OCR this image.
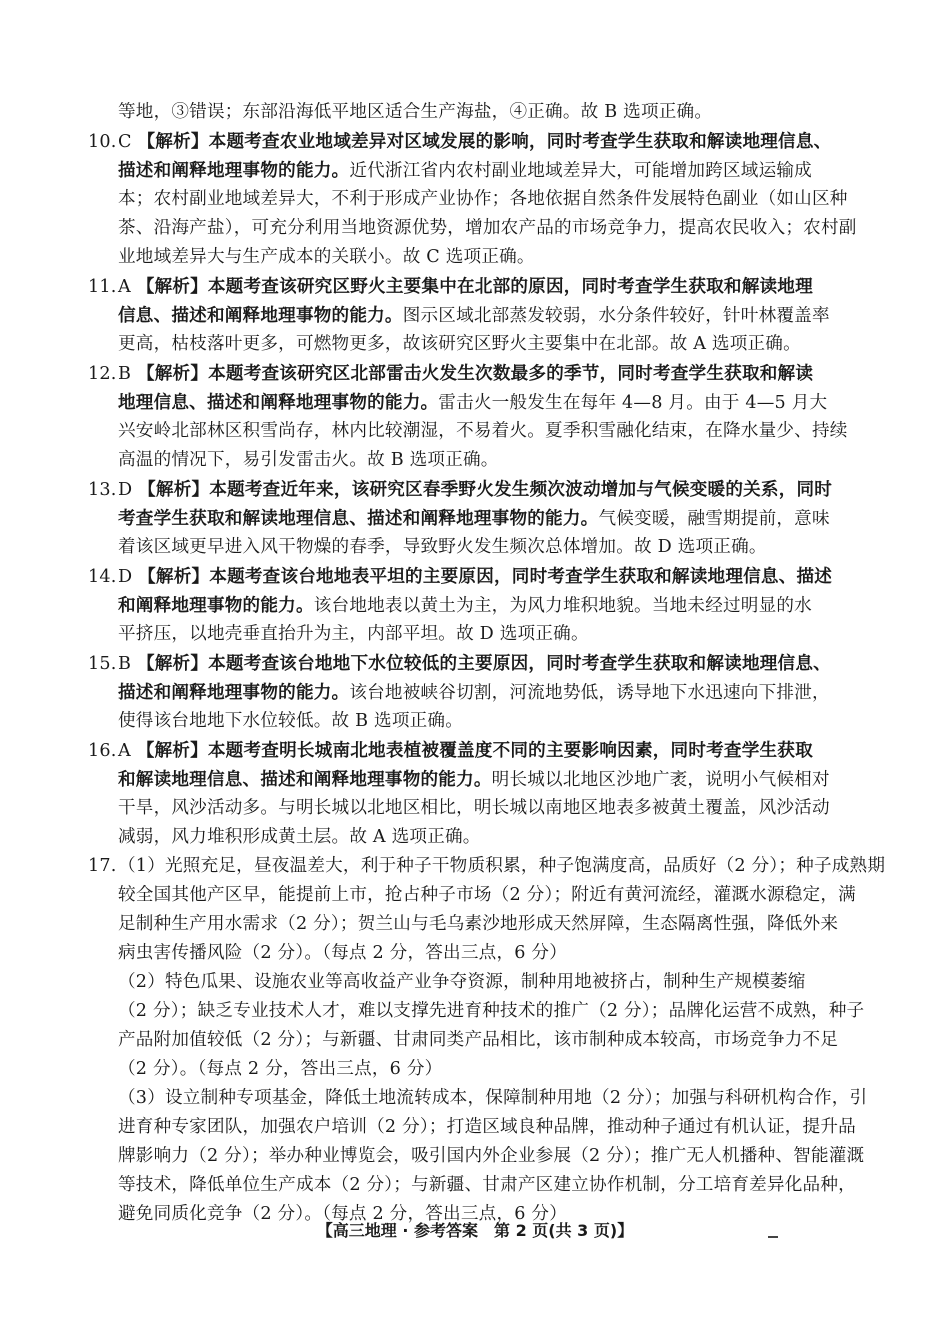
等地，③错误；东部沿海低平地区适合生产海盐，④正确。故 B 选项正确。
10.C 【解析】本题考查农业地域差异对区域发展的影响，同时考查学生获取和解读地理信息、
描述和阐释地理事物的能力。近代浙江省内农村副业地域差异大，可能增加跨区域运输成
本；农村副业地域差异大，不利于形成产业协作；各地依据自然条件发展特色副业（如山区种
茶、沿海产盐），可充分利用当地资源优势，增加农产品的市场竞争力，提高农民收入；农村副
业地域差异大与生产成本的关联小。故 C 选项正确。
11.A 【解析】本题考查该研究区野火主要集中在北部的原因，同时考查学生获取和解读地理
信息、描述和阐释地理事物的能力。图示区域北部蒸发较弱，水分条件较好，针叶林覆盖率
更高，枯枝落叶更多，可燃物更多，故该研究区野火主要集中在北部。故 A 选项正确。
12.B 【解析】本题考查该研究区北部雷击火发生次数最多的季节，同时考查学生获取和解读
地理信息、描述和阐释地理事物的能力。雷击火一般发生在每年 4—8 月。由于 4—5 月大
兴安岭北部林区积雪尚存，林内比较潮湿，不易着火。夏季积雪融化结束，在降水量少、持续
高温的情况下，易引发雷击火。故 B 选项正确。
13.D 【解析】本题考查近年来，该研究区春季野火发生频次波动增加与气候变暖的关系，同时
考查学生获取和解读地理信息、描述和阐释地理事物的能力。气候变暖，融雪期提前，意味
着该区域更早进入风干物燥的春季，导致野火发生频次总体增加。故 D 选项正确。
14.D 【解析】本题考查该台地地表平坦的主要原因，同时考查学生获取和解读地理信息、描述
和阐释地理事物的能力。该台地地表以黄土为主，为风力堆积地貌。当地未经过明显的水
平挤压，以地壳垂直抬升为主，内部平坦。故 D 选项正确。
15.B 【解析】本题考查该台地地下水位较低的主要原因，同时考查学生获取和解读地理信息、
描述和阐释地理事物的能力。该台地被峡谷切割，河流地势低，诱导地下水迅速向下排泄，
使得该台地地下水位较低。故 B 选项正确。
16.A 【解析】本题考查明长城南北地表植被覆盖度不同的主要影响因素，同时考查学生获取
和解读地理信息、描述和阐释地理事物的能力。明长城以北地区沙地广袤，说明小气候相对
干旱，风沙活动多。与明长城以北地区相比，明长城以南地区地表多被黄土覆盖，风沙活动
减弱，风力堆积形成黄土层。故 A 选项正确。
17.（1）光照充足，昼夜温差大，利于种子干物质积累，种子饱满度高，品质好（2 分）；种子成熟期
较全国其他产区早，能提前上市，抢占种子市场（2 分）；附近有黄河流经，灌溉水源稳定，满
足制种生产用水需求（2 分）；贺兰山与毛乌素沙地形成天然屏障，生态隔离性强，降低外来
病虫害传播风险（2 分）。（每点 2 分，答出三点，6 分）
（2）特色瓜果、设施农业等高收益产业争夺资源，制种用地被挤占，制种生产规模萎缩
（2 分）；缺乏专业技术人才，难以支撑先进育种技术的推广（2 分）；品牌化运营不成熟，种子
产品附加值较低（2 分）；与新疆、甘肃同类产品相比，该市制种成本较高，市场竞争力不足
（2 分）。（每点 2 分，答出三点，6 分）
（3）设立制种专项基金，降低土地流转成本，保障制种用地（2 分）；加强与科研机构合作，引
进育种专家团队，加强农户培训（2 分）；打造区域良种品牌，推动种子通过有机认证，提升品
牌影响力（2 分）；举办种业博览会，吸引国内外企业参展（2 分）；推广无人机播种、智能灌溉
等技术，降低单位生产成本（2 分）；与新疆、甘肃产区建立协作机制，分工培育差异化品种，
避免同质化竞争（2 分）。（每点 2 分，答出三点，6 分）
【高三地理 · 参考答案　第 2 页(共 3 页)】
